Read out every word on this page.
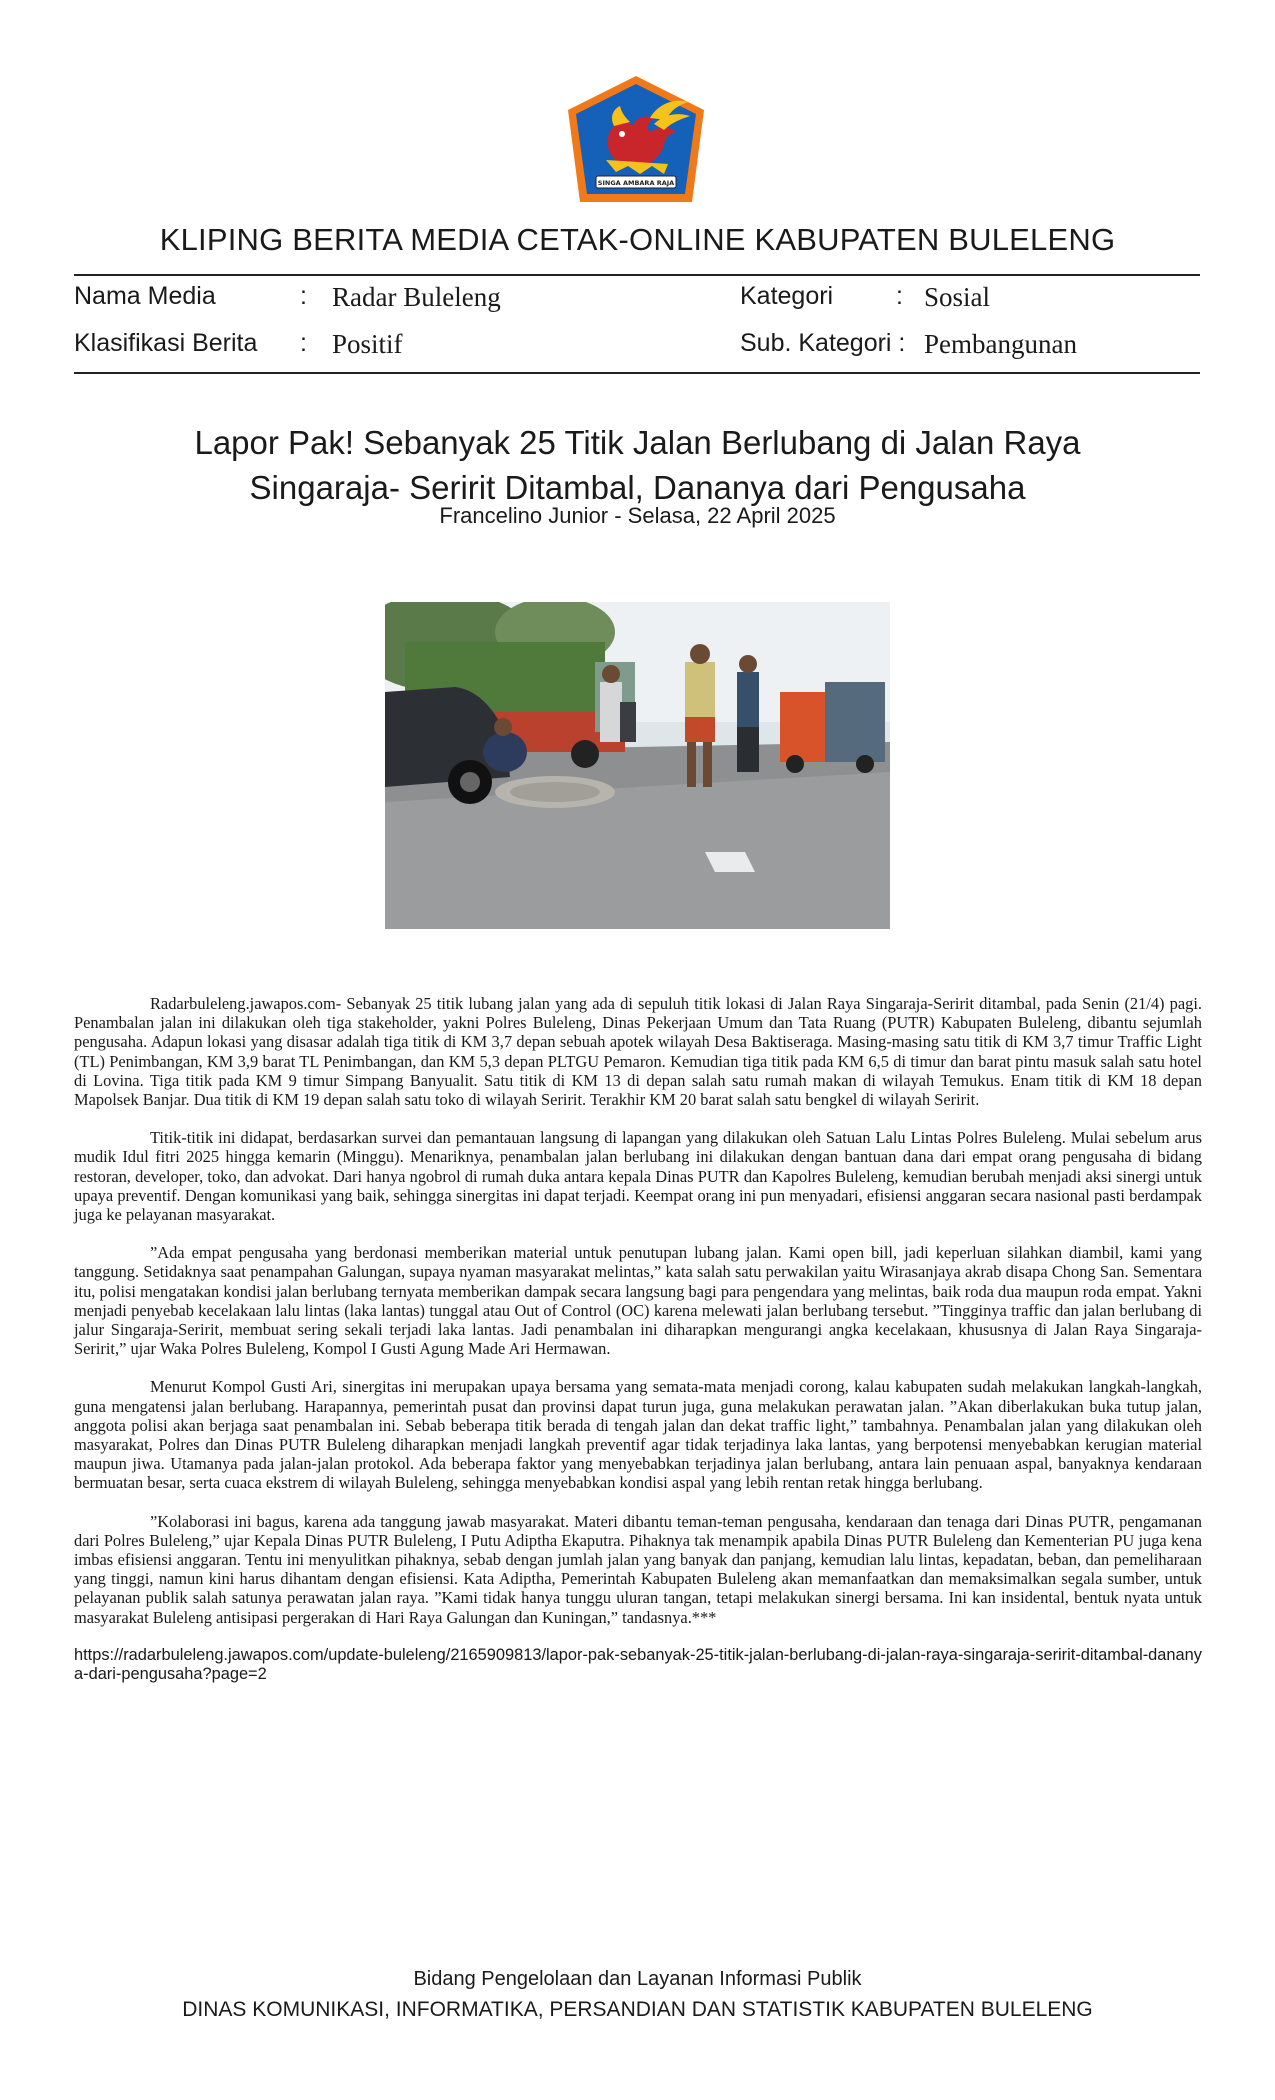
SINGA AMBARA RAJA
KLIPING BERITA MEDIA CETAK-ONLINE KABUPATEN BULELENG
Nama Media	: Radar Buleleng
Klasifikasi Berita : Positif
Kategori	: Sosial
Sub. Kategori : Pembangunan
Lapor Pak! Sebanyak 25 Titik Jalan Berlubang di Jalan Raya
Singaraja- Seririt Ditambal, Dananya dari Pengusaha
Francelino Junior - Selasa, 22 April 2025

Radarbuleleng.jawapos.com- Sebanyak 25 titik lubang jalan yang ada di sepuluh titik lokasi di Jalan Raya Singaraja-Seririt ditambal, pada Senin (21/4) pagi. Penambalan jalan ini dilakukan oleh tiga stakeholder, yakni Polres Buleleng, Dinas Pekerjaan Umum dan Tata Ruang (PUTR) Kabupaten Buleleng, dibantu sejumlah pengusaha. Adapun lokasi yang disasar adalah tiga titik di KM 3,7 depan sebuah apotek wilayah Desa Baktiseraga. Masing-masing satu titik di KM 3,7 timur Traffic Light (TL) Penimbangan, KM 3,9 barat TL Penimbangan, dan KM 5,3 depan PLTGU Pemaron. Kemudian tiga titik pada KM 6,5 di timur dan barat pintu masuk salah satu hotel di Lovina. Tiga titik pada KM 9 timur Simpang Banyualit. Satu titik di KM 13 di depan salah satu rumah makan di wilayah Temukus. Enam titik di KM 18 depan Mapolsek Banjar. Dua titik di KM 19 depan salah satu toko di wilayah Seririt. Terakhir KM 20 barat salah satu bengkel di wilayah Seririt.

Titik-titik ini didapat, berdasarkan survei dan pemantauan langsung di lapangan yang dilakukan oleh Satuan Lalu Lintas Polres Buleleng. Mulai sebelum arus mudik Idul fitri 2025 hingga kemarin (Minggu). Menariknya, penambalan jalan berlubang ini dilakukan dengan bantuan dana dari empat orang pengusaha di bidang restoran, developer, toko, dan advokat. Dari hanya ngobrol di rumah duka antara kepala Dinas PUTR dan Kapolres Buleleng, kemudian berubah menjadi aksi sinergi untuk upaya preventif. Dengan komunikasi yang baik, sehingga sinergitas ini dapat terjadi. Keempat orang ini pun menyadari, efisiensi anggaran secara nasional pasti berdampak juga ke pelayanan masyarakat.

”Ada empat pengusaha yang berdonasi memberikan material untuk penutupan lubang jalan. Kami open bill, jadi keperluan silahkan diambil, kami yang tanggung. Setidaknya saat penampahan Galungan, supaya nyaman masyarakat melintas,” kata salah satu perwakilan yaitu Wirasanjaya akrab disapa Chong San. Sementara itu, polisi mengatakan kondisi jalan berlubang ternyata memberikan dampak secara langsung bagi para pengendara yang melintas, baik roda dua maupun roda empat. Yakni menjadi penyebab kecelakaan lalu lintas (laka lantas) tunggal atau Out of Control (OC) karena melewati jalan berlubang tersebut. ”Tingginya traffic dan jalan berlubang di jalur Singaraja-Seririt, membuat sering sekali terjadi laka lantas. Jadi penambalan ini diharapkan mengurangi angka kecelakaan, khususnya di Jalan Raya Singaraja-Seririt,” ujar Waka Polres Buleleng, Kompol I Gusti Agung Made Ari Hermawan.

Menurut Kompol Gusti Ari, sinergitas ini merupakan upaya bersama yang semata-mata menjadi corong, kalau kabupaten sudah melakukan langkah-langkah, guna mengatensi jalan berlubang. Harapannya, pemerintah pusat dan provinsi dapat turun juga, guna melakukan perawatan jalan. ”Akan diberlakukan buka tutup jalan, anggota polisi akan berjaga saat penambalan ini. Sebab beberapa titik berada di tengah jalan dan dekat traffic light,” tambahnya. Penambalan jalan yang dilakukan oleh masyarakat, Polres dan Dinas PUTR Buleleng diharapkan menjadi langkah preventif agar tidak terjadinya laka lantas, yang berpotensi menyebabkan kerugian material maupun jiwa. Utamanya pada jalan-jalan protokol. Ada beberapa faktor yang menyebabkan terjadinya jalan berlubang, antara lain penuaan aspal, banyaknya kendaraan bermuatan besar, serta cuaca ekstrem di wilayah Buleleng, sehingga menyebabkan kondisi aspal yang lebih rentan retak hingga berlubang.

”Kolaborasi ini bagus, karena ada tanggung jawab masyarakat. Materi dibantu teman-teman pengusaha, kendaraan dan tenaga dari Dinas PUTR, pengamanan dari Polres Buleleng,” ujar Kepala Dinas PUTR Buleleng, I Putu Adiptha Ekaputra. Pihaknya tak menampik apabila Dinas PUTR Buleleng dan Kementerian PU juga kena imbas efisiensi anggaran. Tentu ini menyulitkan pihaknya, sebab dengan jumlah jalan yang banyak dan panjang, kemudian lalu lintas, kepadatan, beban, dan pemeliharaan yang tinggi, namun kini harus dihantam dengan efisiensi. Kata Adiptha, Pemerintah Kabupaten Buleleng akan memanfaatkan dan memaksimalkan segala sumber, untuk pelayanan publik salah satunya perawatan jalan raya. ”Kami tidak hanya tunggu uluran tangan, tetapi melakukan sinergi bersama. Ini kan insidental, bentuk nyata untuk masyarakat Buleleng antisipasi pergerakan di Hari Raya Galungan dan Kuningan,” tandasnya.***

https://radarbuleleng.jawapos.com/update-buleleng/2165909813/lapor-pak-sebanyak-25-titik-jalan-berlubang-di-jalan-raya-singaraja-seririt-ditambal-dananya-dari-pengusaha?page=2

Bidang Pengelolaan dan Layanan Informasi Publik
DINAS KOMUNIKASI, INFORMATIKA, PERSANDIAN DAN STATISTIK KABUPATEN BULELENG
